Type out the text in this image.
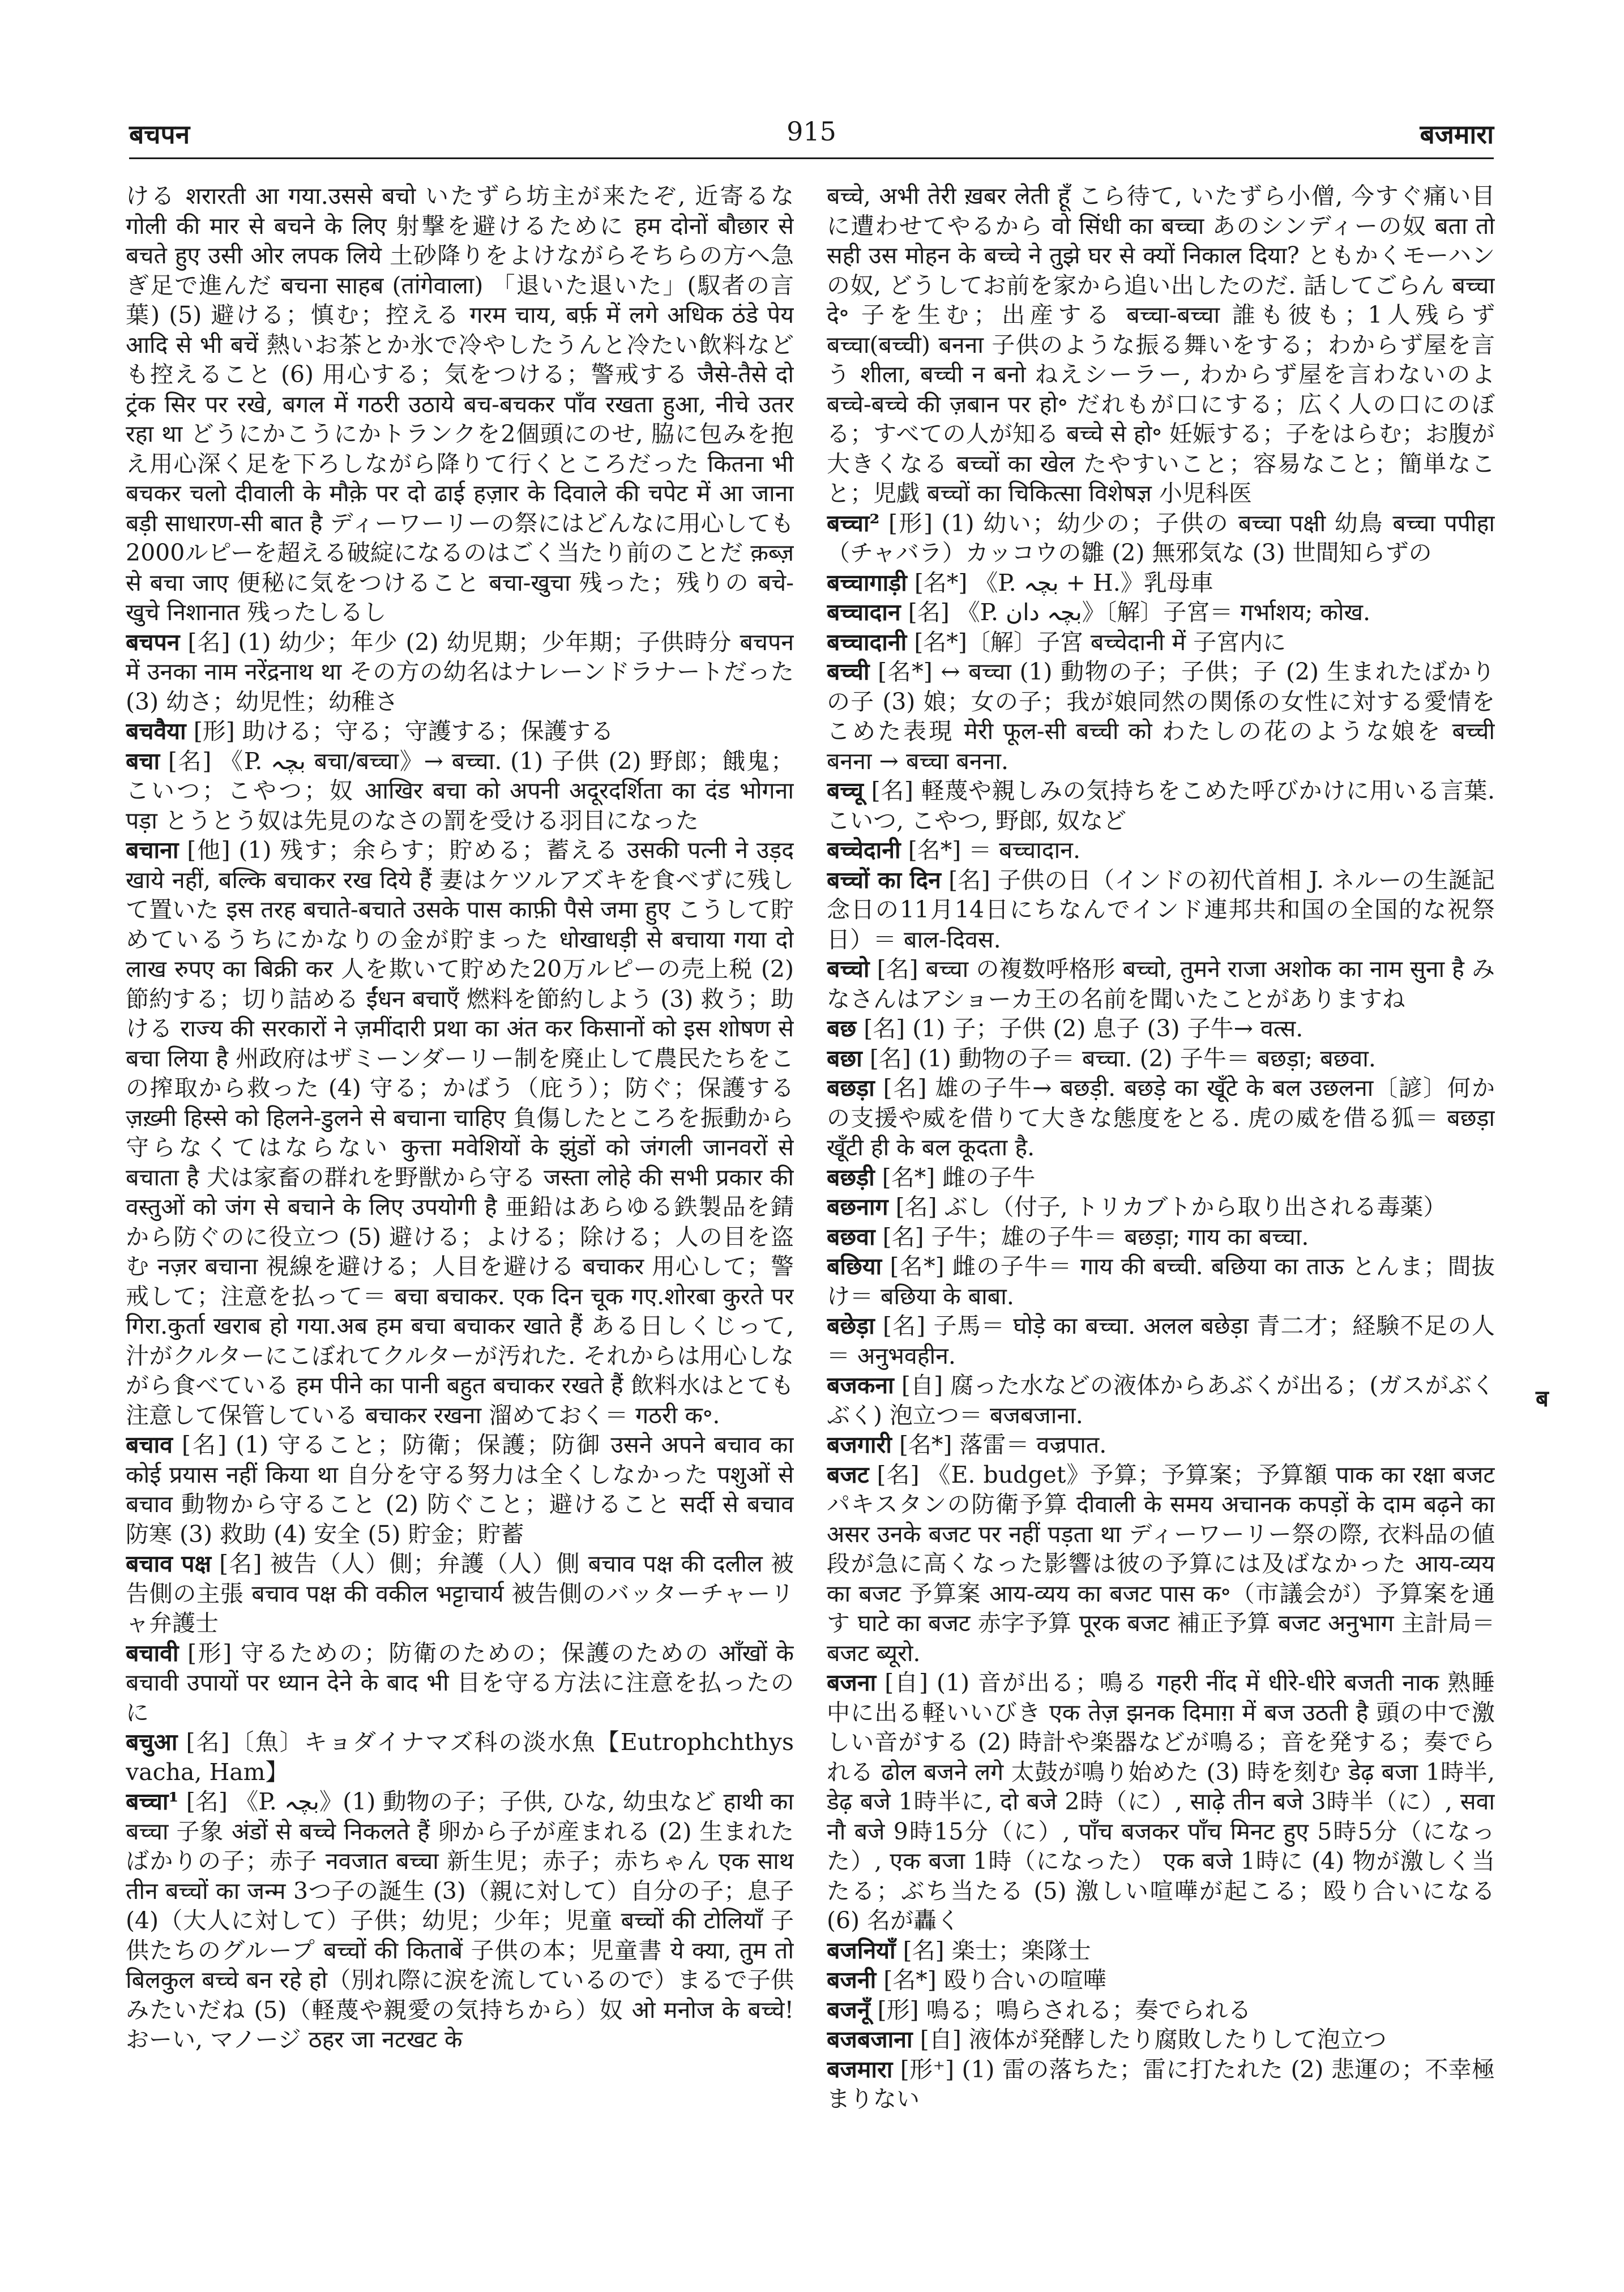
बचपन	915	बजमारा

ける शरारती आ गया.उससे बचो いたずら坊主が来たぞ, 近寄るな गोली की मार से बचने के लिए 射撃を避けるために हम दोनों बौछार से बचते हुए उसी ओर लपक लिये 土砂降りをよけながらそちらの方へ急ぎ足で進んだ बचना साहब (तांगेवाला) 「退いた退いた」(馭者の言葉) (5) 避ける；慎む；控える गरम चाय, बर्फ़ में लगे अधिक ठंडे पेय आदि से भी बचें 熱いお茶とか氷で冷やしたうんと冷たい飲料なども控えること (6) 用心する；気をつける；警戒する जैसे-तैसे दो ट्रंक सिर पर रखे, बगल में गठरी उठाये बच-बचकर पाँव रखता हुआ, नीचे उतर रहा था どうにかこうにかトランクを2個頭にのせ, 脇に包みを抱え用心深く足を下ろしながら降りて行くところだった कितना भी बचकर चलो दीवाली के मौक़े पर दो ढाई हज़ार के दिवाले की चपेट में आ जाना बड़ी साधारण-सी बात है ディーワーリーの祭にはどんなに用心しても2000ルピーを超える破綻になるのはごく当たり前のことだ क़ब्ज़ से बचा जाए 便秘に気をつけること बचा-खुचा 残った；残りの बचे-खुचे निशानात 残ったしるし

बचपन [名] (1) 幼少；年少 (2) 幼児期；少年期；子供時分 बचपन में उनका नाम नरेंद्रनाथ था その方の幼名はナレーンドラナートだった (3) 幼さ；幼児性；幼稚さ

बचवैया [形] 助ける；守る；守護する；保護する

बचा [名] 《P. بچہ बचा/बच्चा》→ बच्चा. (1) 子供 (2) 野郎；餓鬼；こいつ；こやつ；奴 आखिर बचा को अपनी अदूरदर्शिता का दंड भोगना पड़ा とうとう奴は先見のなさの罰を受ける羽目になった

बचाना [他] (1) 残す；余らす；貯める；蓄える उसकी पत्नी ने उड़द खाये नहीं, बल्कि बचाकर रख दिये हैं 妻はケツルアズキを食べずに残して置いた इस तरह बचाते-बचाते उसके पास काफ़ी पैसे जमा हुए こうして貯めているうちにかなりの金が貯まった धोखाधड़ी से बचाया गया दो लाख रुपए का बिक्री कर 人を欺いて貯めた20万ルピーの売上税 (2) 節約する；切り詰める ईंधन बचाएँ 燃料を節約しよう (3) 救う；助ける राज्य की सरकारों ने ज़मींदारी प्रथा का अंत कर किसानों को इस शोषण से बचा लिया है 州政府はザミーンダーリー制を廃止して農民たちをこの搾取から救った (4) 守る；かばう（庇う）；防ぐ；保護する ज़ख़्मी हिस्से को हिलने-डुलने से बचाना चाहिए 負傷したところを振動から守らなくてはならない कुत्ता मवेशियों के झुंडों को जंगली जानवरों से बचाता है 犬は家畜の群れを野獣から守る जस्ता लोहे की सभी प्रकार की वस्तुओं को जंग से बचाने के लिए उपयोगी है 亜鉛はあらゆる鉄製品を錆から防ぐのに役立つ (5) 避ける；よける；除ける；人の目を盗む नज़र बचाना 視線を避ける；人目を避ける बचाकर 用心して；警戒して；注意を払って＝ बचा बचाकर. एक दिन चूक गए.शोरबा कुरते पर गिरा.कुर्ता खराब हो गया.अब हम बचा बचाकर खाते हैं ある日しくじって, 汁がクルターにこぼれてクルターが汚れた. それからは用心しながら食べている हम पीने का पानी बहुत बचाकर रखते हैं 飲料水はとても注意して保管している बचाकर रखना 溜めておく＝ गठरी क॰.

बचाव [名] (1) 守ること；防衛；保護；防御 उसने अपने बचाव का कोई प्रयास नहीं किया था 自分を守る努力は全くしなかった पशुओं से बचाव 動物から守ること (2) 防ぐこと；避けること सर्दी से बचाव 防寒 (3) 救助 (4) 安全 (5) 貯金；貯蓄

बचाव पक्ष [名] 被告（人）側；弁護（人）側 बचाव पक्ष की दलील 被告側の主張 बचाव पक्ष की वकील भट्टाचार्य 被告側のバッターチャーリャ弁護士

बचावी [形] 守るための；防衛のための；保護のための आँखों के बचावी उपायों पर ध्यान देने के बाद भी 目を守る方法に注意を払ったのに

बचुआ [名]〔魚〕キョダイナマズ科の淡水魚【Eutrophchthys vacha, Ham】

बच्चा¹ [名] 《P. بچہ》(1) 動物の子；子供, ひな, 幼虫など हाथी का बच्चा 子象 अंडों से बच्चे निकलते हैं 卵から子が産まれる (2) 生まれたばかりの子；赤子 नवजात बच्चा 新生児；赤子；赤ちゃん एक साथ तीन बच्चों का जन्म 3つ子の誕生 (3)（親に対して）自分の子；息子 (4)（大人に対して）子供；幼児；少年；児童 बच्चों की टोलियाँ 子供たちのグループ बच्चों की किताबें 子供の本；児童書 ये क्या, तुम तो बिलकुल बच्चे बन रहे हो（別れ際に涙を流しているので）まるで子供みたいだね (5)（軽蔑や親愛の気持ちから）奴 ओ मनोज के बच्चे! おーい, マノージ ठहर जा नटखट के

बच्चे, अभी तेरी ख़बर लेती हूँ こら待て, いたずら小僧, 今すぐ痛い目に遭わせてやるから वो सिंधी का बच्चा あのシンディーの奴 बता तो सही उस मोहन के बच्चे ने तुझे घर से क्यों निकाल दिया? ともかくモーハンの奴, どうしてお前を家から追い出したのだ. 話してごらん बच्चा दे॰ 子を生む；出産する बच्चा-बच्चा 誰も彼も；1人残らず बच्चा(बच्ची) बनना 子供のような振る舞いをする；わからず屋を言う शीला, बच्ची न बनो ねえシーラー, わからず屋を言わないのよ बच्चे-बच्चे की ज़बान पर हो॰ だれもが口にする；広く人の口にのぼる；すべての人が知る बच्चे से हो॰ 妊娠する；子をはらむ；お腹が大きくなる बच्चों का खेल たやすいこと；容易なこと；簡単なこと；児戯 बच्चों का चिकित्सा विशेषज्ञ 小児科医

बच्चा² [形] (1) 幼い；幼少の；子供の बच्चा पक्षी 幼鳥 बच्चा पपीहा（チャバラ）カッコウの雛 (2) 無邪気な (3) 世間知らずの

बच्चागाड़ी [名*] 《P. بچہ + H.》乳母車

बच्चादान [名] 《P. بچہ دان》〔解〕子宮＝ गर्भाशय; कोख.

बच्चादानी [名*]〔解〕子宮 बच्चेदानी में 子宮内に

बच्ची [名*] ↔ बच्चा (1) 動物の子；子供；子 (2) 生まれたばかりの子 (3) 娘；女の子；我が娘同然の関係の女性に対する愛情をこめた表現 मेरी फूल-सी बच्ची को わたしの花のような娘を बच्ची बनना → बच्चा बनना.

बच्चू [名] 軽蔑や親しみの気持ちをこめた呼びかけに用いる言葉. こいつ, こやつ, 野郎, 奴など

बच्चेदानी [名*] ＝ बच्चादान.

बच्चों का दिन [名] 子供の日（インドの初代首相 J. ネルーの生誕記念日の11月14日にちなんでインド連邦共和国の全国的な祝祭日）＝ बाल-दिवस.

बच्चो [名] बच्चा の複数呼格形 बच्चो, तुमने राजा अशोक का नाम सुना है みなさんはアショーカ王の名前を聞いたことがありますね

बछ [名] (1) 子；子供 (2) 息子 (3) 子牛→ वत्स.

बछा [名] (1) 動物の子＝ बच्चा. (2) 子牛＝ बछड़ा; बछवा.

बछड़ा [名] 雄の子牛→ बछड़ी. बछड़े का खूँटे के बल उछलना〔諺〕何かの支援や威を借りて大きな態度をとる. 虎の威を借る狐＝ बछड़ा खूँटी ही के बल कूदता है.

बछड़ी [名*] 雌の子牛

बछनाग [名] ぶし（付子, トリカブトから取り出される毒薬）

बछवा [名] 子牛；雄の子牛＝ बछड़ा; गाय का बच्चा.

बछिया [名*] 雌の子牛＝ गाय की बच्ची. बछिया का ताऊ とんま；間抜け＝ बछिया के बाबा.

बछेड़ा [名] 子馬＝ घोड़े का बच्चा. अलल बछेड़ा 青二才；経験不足の人＝ अनुभवहीन.

बजकना [自] 腐った水などの液体からあぶくが出る；(ガスがぶくぶく) 泡立つ＝ बजबजाना.

बजगारी [名*] 落雷＝ वज्रपात.

बजट [名] 《E. budget》予算；予算案；予算額 पाक का रक्षा बजट パキスタンの防衛予算 दीवाली के समय अचानक कपड़ों के दाम बढ़ने का असर उनके बजट पर नहीं पड़ता था ディーワーリー祭の際, 衣料品の値段が急に高くなった影響は彼の予算には及ばなかった आय-व्यय का बजट 予算案 आय-व्यय का बजट पास क॰（市議会が）予算案を通す घाटे का बजट 赤字予算 पूरक बजट 補正予算 बजट अनुभाग 主計局＝ बजट ब्यूरो.

बजना [自] (1) 音が出る；鳴る गहरी नींद में धीरे-धीरे बजती नाक 熟睡中に出る軽いいびき एक तेज़ झनक दिमाग़ में बज उठती है 頭の中で激しい音がする (2) 時計や楽器などが鳴る；音を発する；奏でられる ढोल बजने लगे 太鼓が鳴り始めた (3) 時を刻む डेढ़ बजा 1時半, डेढ़ बजे 1時半に, दो बजे 2時（に）, साढ़े तीन बजे 3時半（に）, सवा नौ बजे 9時15分（に）, पाँच बजकर पाँच मिनट हुए 5時5分（になった）, एक बजा 1時（になった） एक बजे 1時に (4) 物が激しく当たる；ぶち当たる (5) 激しい喧嘩が起こる；殴り合いになる (6) 名が轟く

बजनियाँ [名] 楽士；楽隊士

बजनी [名*] 殴り合いの喧嘩

बजनूँ [形] 鳴る；鳴らされる；奏でられる

बजबजाना [自] 液体が発酵したり腐敗したりして泡立つ

बजमारा [形⁺] (1) 雷の落ちた；雷に打たれた (2) 悲運の；不幸極まりない

ब
